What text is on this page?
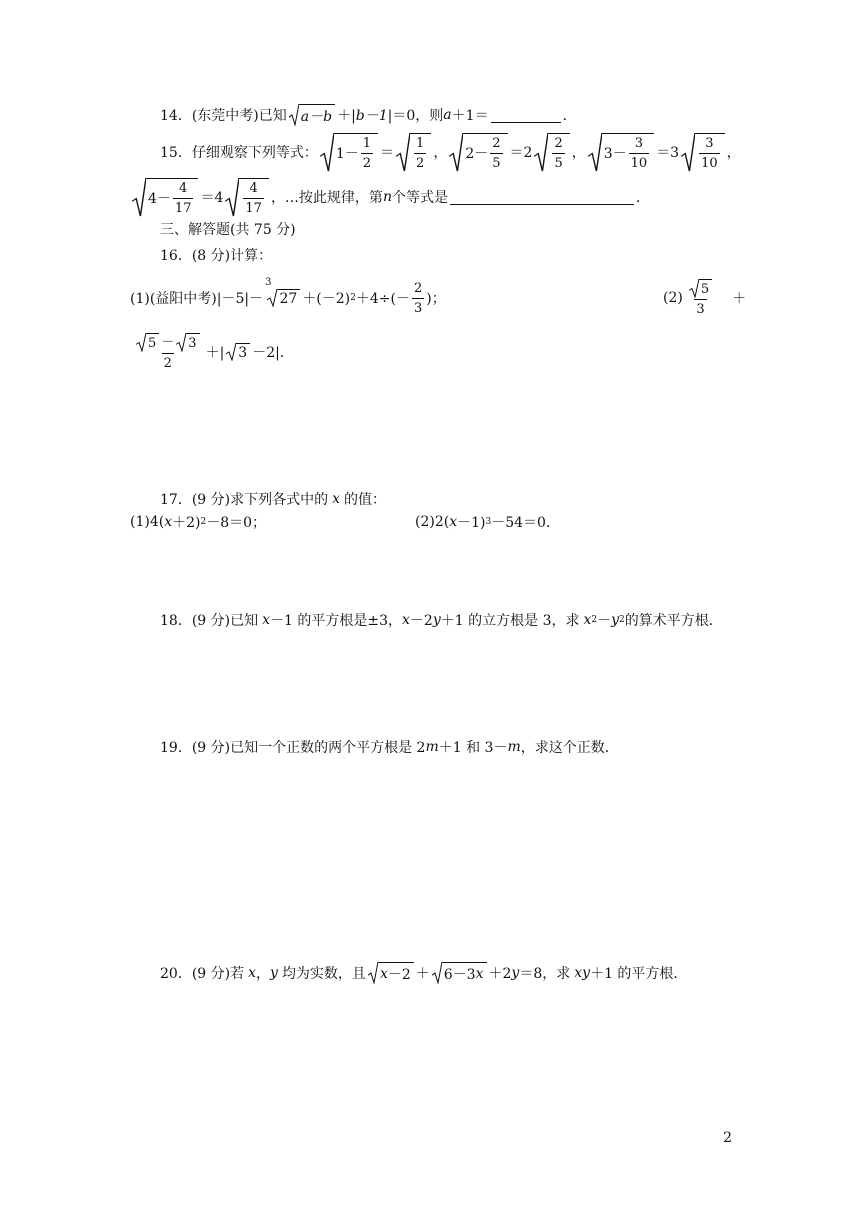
14． (东莞中考)已知 a－b ＋| b－1 |＝0，则 a ＋1＝	．
15． 仔细观察下列等式： $1- \frac{1}{2} = \frac{1}{2}$ ， $2- \frac{2}{5} =2 \frac{2}{5}$ ， $3- \frac{3}{10} =3 \frac{3}{10}$ ，
$4- \frac{4}{17} =4 \frac{4}{17}$ ，…按此规律，第 n 个等式是	．
三、解答题(共 75 分)
16．(8 分)计算：
(1)(益阳中考)|－5|－
3
27 ＋(－2) $2 +4\div(- \frac{2}{3}$ )；	$(2) \frac{5}{3}$ ＋
$\frac{5 - 3}{2}$ ＋| 3 －2|．
17．(9 分)求下列各式中的 x 的值：
(1)4( x ＋2) 2 －8＝0；	(2)2( x －1) 3 －54＝0．
18．(9 分)已知 x －1 的平方根是±3， x －2 y ＋1 的立方根是 3，求 x 2 － y 2 的算术平方根．
19．(9 分)已知一个正数的两个平方根是 2 m ＋1 和 3－ m ，求这个正数．
20．(9 分)若 x ， y 均为实数，且 x －2 ＋ 6－3 x ＋2 y ＝8，求 xy ＋1 的平方根．
2
